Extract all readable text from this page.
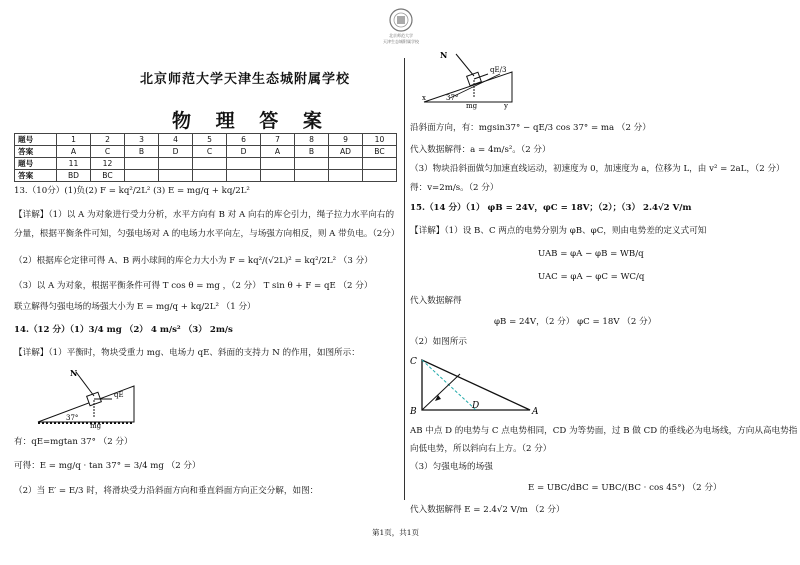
北京师范大学
天津生态城附属学校
北京师范大学天津生态城附属学校
物 理 答 案
题号	1	2	3	4	5	6	7	8	9	10
答案	A	C	B	D	C	D	A	B	AD	BC
题号	11	12								
答案	BD	BC								
13.（10分）(1)负(2) F = kq²/2L² (3) E = mg/q + kq/2L²
【详解】（1）以 A 为对象进行受力分析，水平方向有 B 对 A 向右的库仑引力，绳子拉力水平向右的
分量，根据平衡条件可知，匀强电场对 A 的电场力水平向左，与场强方向相反，则 A 带负电。（2分）
（2）根据库仑定律可得 A、B 两小球间的库仑力大小为 F = kq²/(√2L)² = kq²/2L² （3 分）
（3）以 A 为对象，根据平衡条件可得 T cos θ = mg ，（2 分） T sin θ + F = qE （2 分）
联立解得匀强电场的场强大小为 E = mg/q + kq/2L² （1 分）
14.（12 分）（1）3/4 mg （2） 4 m/s² （3） 2m/s
【详解】（1）平衡时，物块受重力 mg、电场力 qE、斜面的支持力 N 的作用，如图所示：
N
qE
37°
mg
有：qE=mgtan 37° （2 分）
可得：E = mg/q · tan 37° = 3/4 mg （2 分）
（2）当 E′ = E/3 时，将滑块受力沿斜面方向和垂直斜面方向正交分解，如图：
N
qE/3
37°
mg
x
y
沿斜面方向，有：mgsin37° − qE/3 cos 37° = ma （2 分）
代入数据解得：a = 4m/s²。（2 分）
（3）物块沿斜面做匀加速直线运动，初速度为 0，加速度为 a，位移为 L，由 v² = 2aL，（2 分）
得：v=2m/s。（2 分）
15.（14 分）（1） φB = 24V，φC = 18V；（2）；（3） 2.4√2 V/m
【详解】（1）设 B、C 两点的电势分别为 φB、φC，则由电势差的定义式可知
UAB = φA − φB = WB/q
UAC = φA − φC = WC/q
代入数据解得
φB = 24V，（2 分） φC = 18V （2 分）
（2）如图所示
C
B
D
A
AB 中点 D 的电势与 C 点电势相同，CD 为等势面，过 B 做 CD 的垂线必为电场线，方向从高电势指
向低电势，所以斜向右上方。（2 分）
（3）匀强电场的场强
E = UBC/dBC = UBC/(BC · cos 45°) （2 分）
代入数据解得 E = 2.4√2 V/m （2 分）
第1页，共1页
